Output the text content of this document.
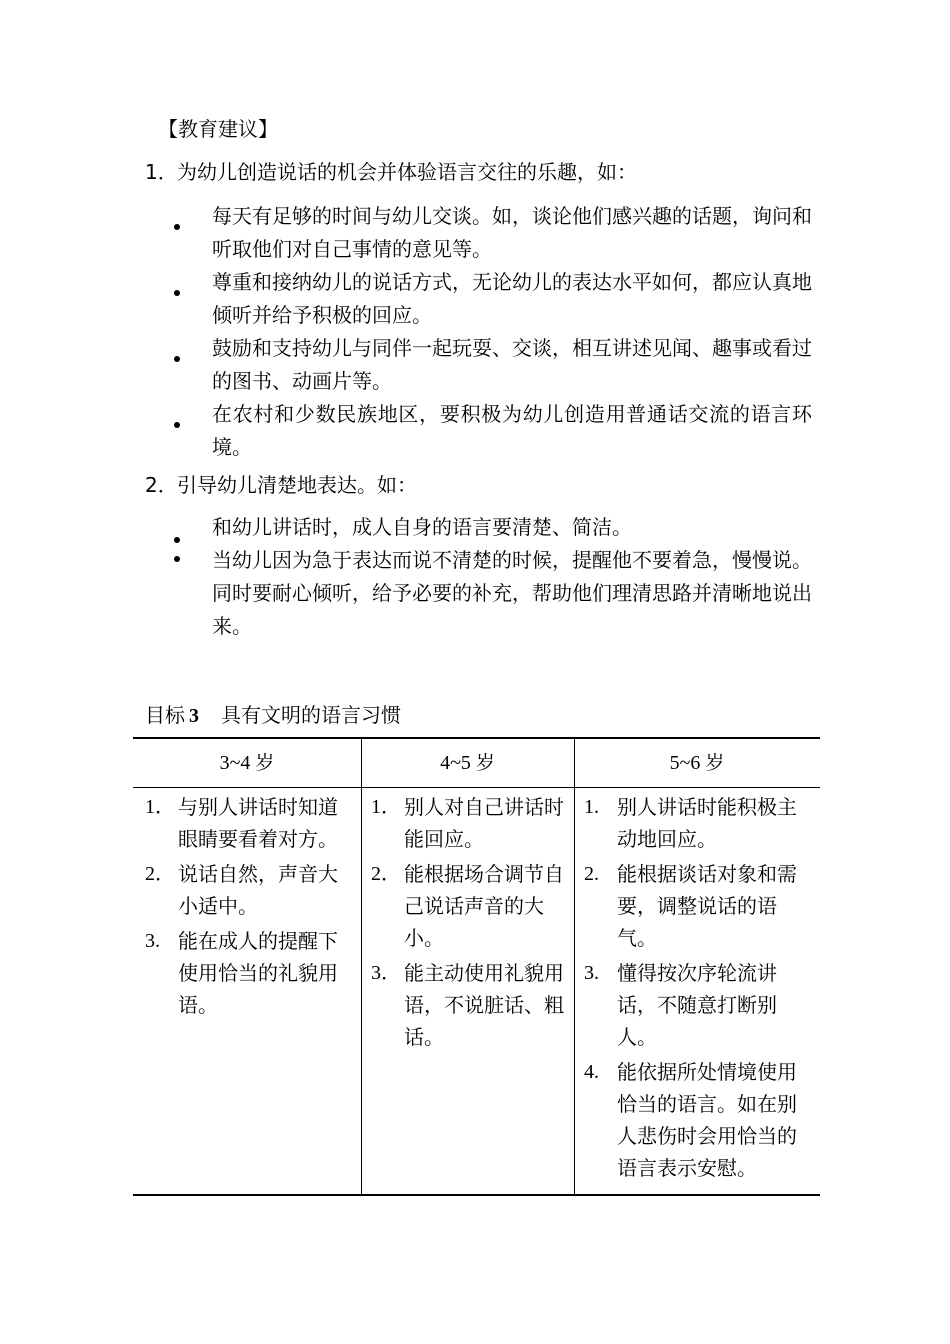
【教育建议】
1．为幼儿创造说话的机会并体验语言交往的乐趣，如：
每天有足够的时间与幼儿交谈。如，谈论他们感兴趣的话题，询问和听取他们对自己事情的意见等。
尊重和接纳幼儿的说话方式，无论幼儿的表达水平如何，都应认真地倾听并给予积极的回应。
鼓励和支持幼儿与同伴一起玩耍、交谈，相互讲述见闻、趣事或看过的图书、动画片等。
在农村和少数民族地区，要积极为幼儿创造用普通话交流的语言环境。
2．引导幼儿清楚地表达。如：
和幼儿讲话时，成人自身的语言要清楚、简洁。
当幼儿因为急于表达而说不清楚的时候，提醒他不要着急，慢慢说。同时要耐心倾听，给予必要的补充，帮助他们理清思路并清晰地说出来。
目标 3 具有文明的语言习惯
3~4 岁	4~5 岁	5~6 岁
1． 与别人讲话时知道眼睛要看着对方。
2． 说话自然，声音大小适中。
3. 能在成人的提醒下使用恰当的礼貌用语。
1． 别人对自己讲话时能回应。
2． 能根据场合调节自己说话声音的大小。
3． 能主动使用礼貌用语，不说脏话、粗话。
1. 别人讲话时能积极主动地回应。
2. 能根据谈话对象和需要，调整说话的语气。
3. 懂得按次序轮流讲话，不随意打断别人。
4. 能依据所处情境使用恰当的语言。如在别人悲伤时会用恰当的语言表示安慰。
